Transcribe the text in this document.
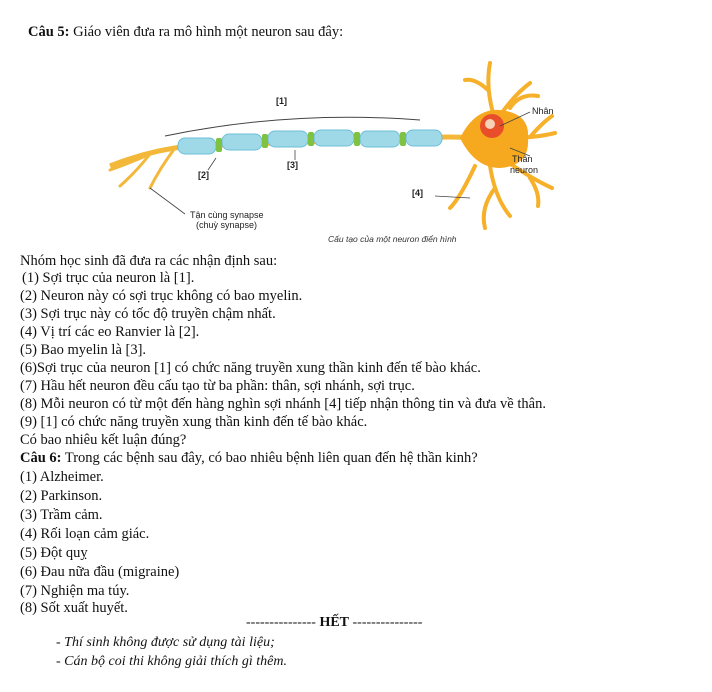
Câu 5: Giáo viên đưa ra mô hình một neuron sau đây:
[1]
[2]
[3]
[4]
Nhân
Thân
neuron
Tận cùng synapse
(chuỳ synapse)
Cấu tạo của một neuron điển hình
Nhóm học sinh đã đưa ra các nhận định sau:
(1) Sợi trục của neuron là [1].
(2) Neuron này có sợi trục không có bao myelin.
(3) Sợi trục này có tốc độ truyền chậm nhất.
(4) Vị trí các eo Ranvier là [2].
(5) Bao myelin là [3].
(6)Sợi trục của neuron [1] có chức năng truyền xung thần kinh đến tế bào khác.
(7) Hầu hết neuron đều cấu tạo từ ba phần: thân, sợi nhánh, sợi trục.
(8) Mỗi neuron có từ một đến hàng nghìn sợi nhánh [4] tiếp nhận thông tin và đưa về thân.
(9) [1] có chức năng truyền xung thần kinh đến tế bào khác.
Có bao nhiêu kết luận đúng?
Câu 6: Trong các bệnh sau đây, có bao nhiêu bệnh liên quan đến hệ thần kinh?
(1) Alzheimer.
(2) Parkinson.
(3) Trầm cảm.
(4) Rối loạn cảm giác.
(5) Đột quỵ
(6) Đau nữa đầu (migraine)
(7) Nghiện ma túy.
(8) Sốt xuất huyết.
--------------- HẾT ---------------
- Thí sinh không được sử dụng tài liệu;
- Cán bộ coi thi không giải thích gì thêm.
